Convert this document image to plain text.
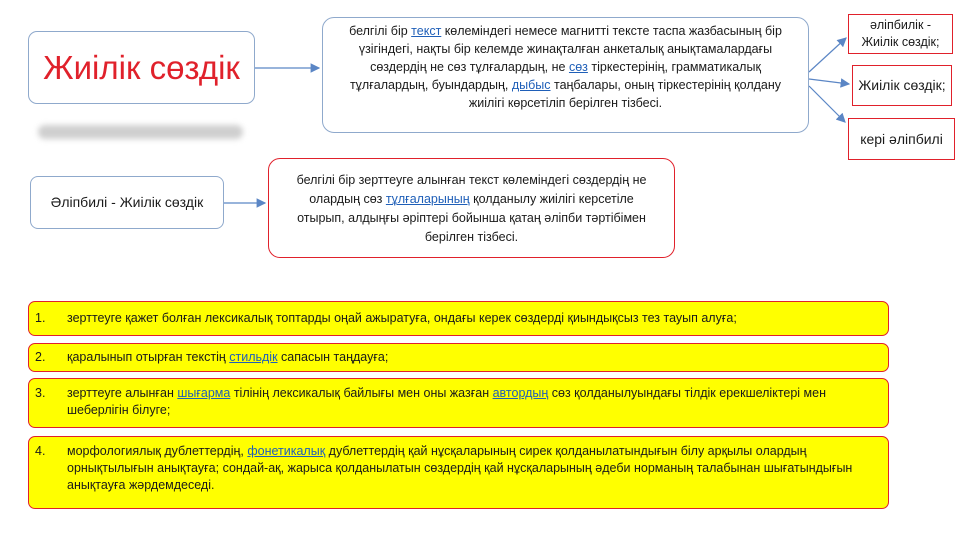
Жиілік сөздік
белгілі бір текст көлеміндегі немесе магнитті тексте таспа жазбасының бір үзігіндегі, нақты бір келемде жинақталған анкеталық анықтамалардағы сөздердің не сөз тұлғалардың, не сөз тіркестерінің, грамматикалық тұлғалардың, буындардың, дыбыс таңбалары, оның тіркестерінің қолдану жиілігі көрсетіліп берілген тізбесі.
әліпбилік - Жиілік сөздік;
Жиілік сөздік;
кері әліпбилі
Әліпбилі - Жиілік сөздік
белгілі бір зерттеуге алынған текст көлеміндегі сөздердің не олардың сөз тұлғаларының қолданылу жиілігі керсетіле отырып, алдыңғы әріптері бойынша қатаң әліпби тәртібімен берілген тізбесі.
1.	зерттеуге қажет болған лексикалық топтарды оңай ажыратуға, ондағы керек сөздерді қиындықсыз тез тауып алуға;
2.	қаралынып отырған текстің стильдік сапасын таңдауға;
3.	зерттеуге алынған шығарма тілінің лексикалық байлығы мен оны жазған автордың сөз қолданылуындағы тілдік ерекшеліктері мен шеберлігін білуге;
4.	морфологиялық дублеттердің, фонетикалық дублеттердің қай нұсқаларының сирек қолданылатындығын білу арқылы олардың орнықтылығын анықтауға; сондай-ақ, жарыса қолданылатын сөздердің қай нұсқаларының әдеби норманың талабынан шығатындығын анықтауға жәрдемдеседі.
